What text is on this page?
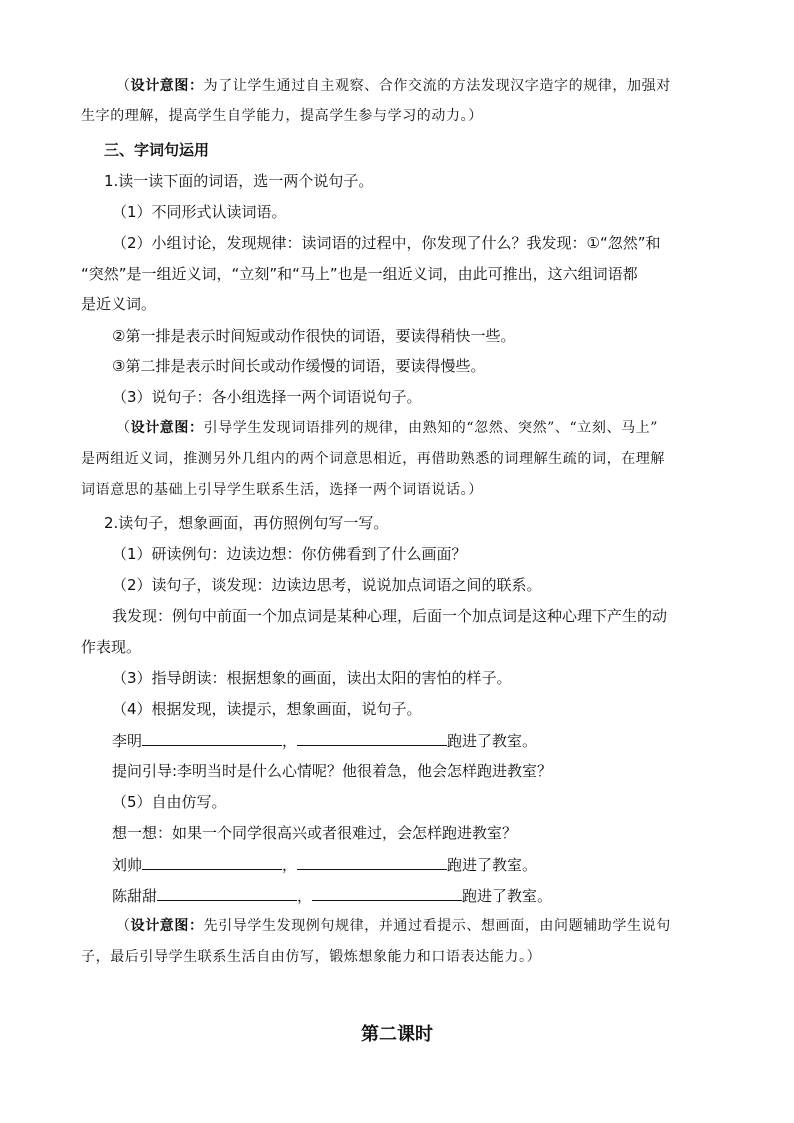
（设计意图：为了让学生通过自主观察、合作交流的方法发现汉字造字的规律，加强对
生字的理解，提高学生自学能力，提高学生参与学习的动力。）
三、字词句运用
1.读一读下面的词语，选一两个说句子。
（1）不同形式认读词语。
（2）小组讨论，发现规律：读词语的过程中，你发现了什么？我发现：①“忽然”和
“突然”是一组近义词，“立刻”和“马上”也是一组近义词，由此可推出，这六组词语都
是近义词。
②第一排是表示时间短或动作很快的词语，要读得稍快一些。
③第二排是表示时间长或动作缓慢的词语，要读得慢些。
（3）说句子：各小组选择一两个词语说句子。
（设计意图：引导学生发现词语排列的规律，由熟知的“忽然、突然”、“立刻、马上”
是两组近义词，推测另外几组内的两个词意思相近，再借助熟悉的词理解生疏的词，在理解
词语意思的基础上引导学生联系生活，选择一两个词语说话。）
2.读句子，想象画面，再仿照例句写一写。
（1）研读例句：边读边想：你仿佛看到了什么画面？
（2）读句子，谈发现：边读边思考，说说加点词语之间的联系。
我发现：例句中前面一个加点词是某种心理，后面一个加点词是这种心理下产生的动
作表现。
（3）指导朗读：根据想象的画面，读出太阳的害怕的样子。
（4）根据发现，读提示，想象画面，说句子。
李明	，	跑进了教室。
提问引导:李明当时是什么心情呢？他很着急，他会怎样跑进教室？
（5）自由仿写。
想一想：如果一个同学很高兴或者很难过，会怎样跑进教室？
刘帅	，	跑进了教室。
陈甜甜	，	跑进了教室。
（设计意图：先引导学生发现例句规律，并通过看提示、想画面，由问题辅助学生说句
子，最后引导学生联系生活自由仿写，锻炼想象能力和口语表达能力。）
第二课时
